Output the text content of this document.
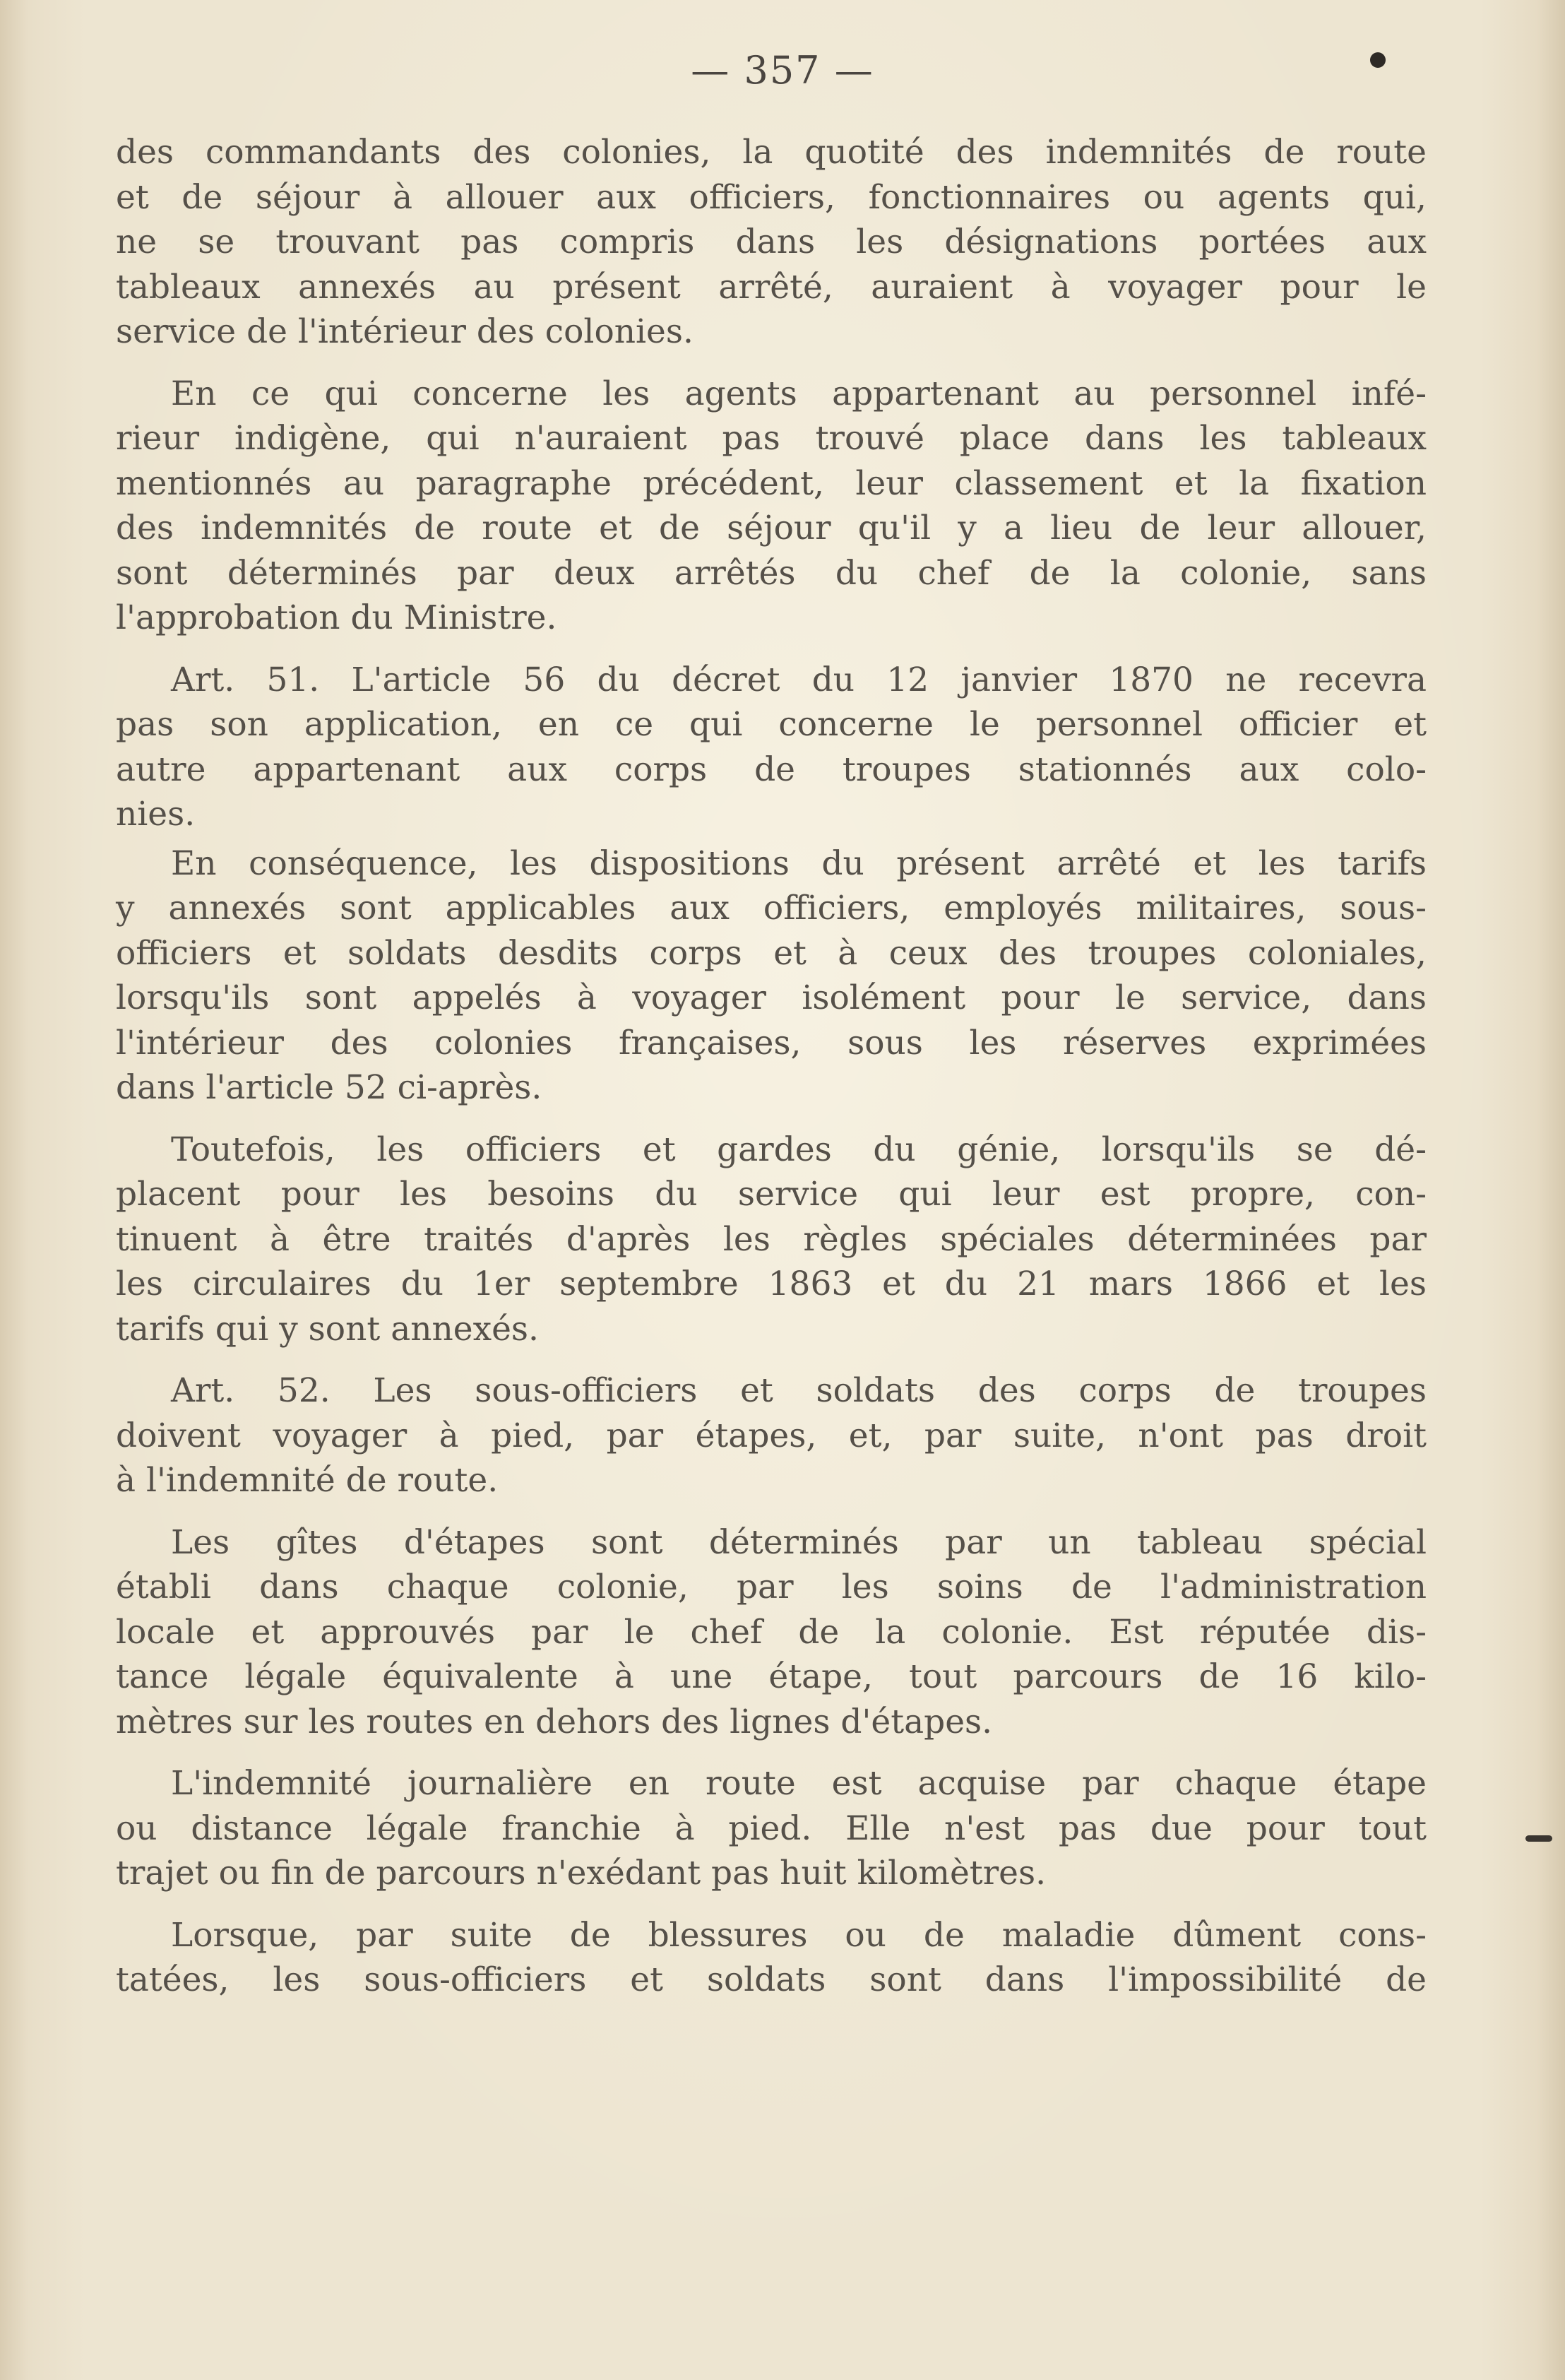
— 357 —
des commandants des colonies, la quotité des indemnités de route
et de séjour à allouer aux officiers, fonctionnaires ou agents qui,
ne se trouvant pas compris dans les désignations portées aux
tableaux annexés au présent arrêté, auraient à voyager pour le
service de l'intérieur des colonies.
En ce qui concerne les agents appartenant au personnel infé-
rieur indigène, qui n'auraient pas trouvé place dans les tableaux
mentionnés au paragraphe précédent, leur classement et la fixation
des indemnités de route et de séjour qu'il y a lieu de leur allouer,
sont déterminés par deux arrêtés du chef de la colonie, sans
l'approbation du Ministre.
Art. 51. L'article 56 du décret du 12 janvier 1870 ne recevra
pas son application, en ce qui concerne le personnel officier et
autre appartenant aux corps de troupes stationnés aux colo-
nies.
En conséquence, les dispositions du présent arrêté et les tarifs
y annexés sont applicables aux officiers, employés militaires, sous-
officiers et soldats desdits corps et à ceux des troupes coloniales,
lorsqu'ils sont appelés à voyager isolément pour le service, dans
l'intérieur des colonies françaises, sous les réserves exprimées
dans l'article 52 ci-après.
Toutefois, les officiers et gardes du génie, lorsqu'ils se dé-
placent pour les besoins du service qui leur est propre, con-
tinuent à être traités d'après les règles spéciales déterminées par
les circulaires du 1er septembre 1863 et du 21 mars 1866 et les
tarifs qui y sont annexés.
Art. 52. Les sous-officiers et soldats des corps de troupes
doivent voyager à pied, par étapes, et, par suite, n'ont pas droit
à l'indemnité de route.
Les gîtes d'étapes sont déterminés par un tableau spécial
établi dans chaque colonie, par les soins de l'administration
locale et approuvés par le chef de la colonie. Est réputée dis-
tance légale équivalente à une étape, tout parcours de 16 kilo-
mètres sur les routes en dehors des lignes d'étapes.
L'indemnité journalière en route est acquise par chaque étape
ou distance légale franchie à pied. Elle n'est pas due pour tout
trajet ou fin de parcours n'exédant pas huit kilomètres.
Lorsque, par suite de blessures ou de maladie dûment cons-
tatées, les sous-officiers et soldats sont dans l'impossibilité de
